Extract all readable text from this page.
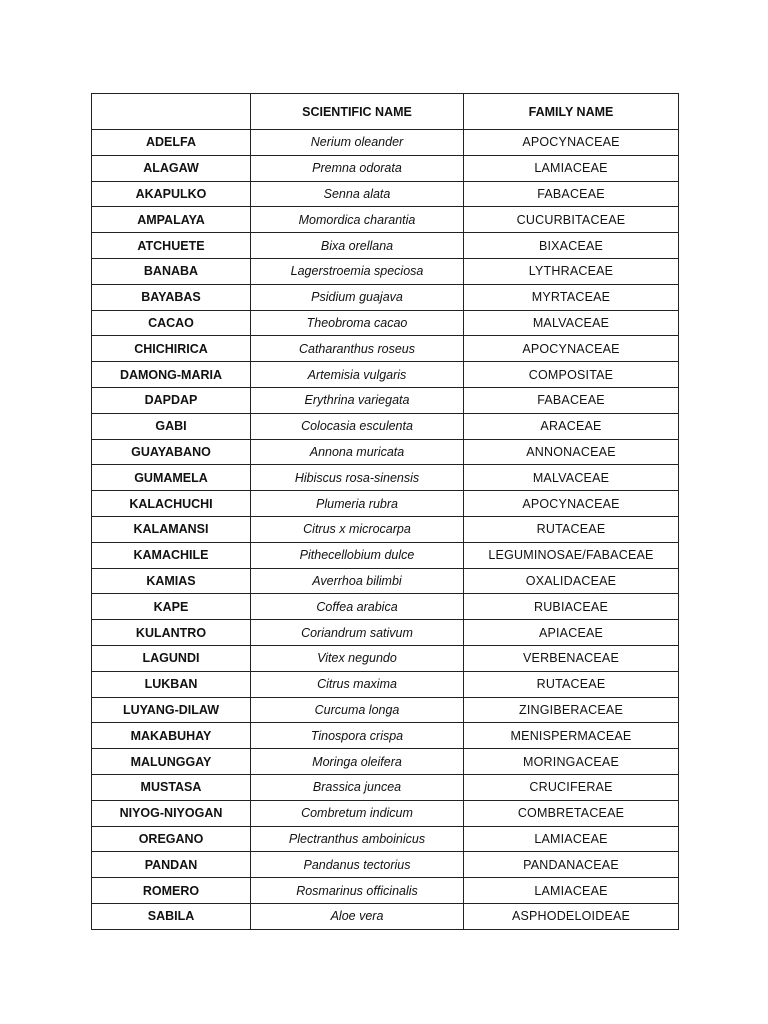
	SCIENTIFIC NAME	FAMILY NAME
ADELFA	Nerium oleander	APOCYNACEAE
ALAGAW	Premna odorata	LAMIACEAE
AKAPULKO	Senna alata	FABACEAE
AMPALAYA	Momordica charantia	CUCURBITACEAE
ATCHUETE	Bixa orellana	BIXACEAE
BANABA	Lagerstroemia speciosa	LYTHRACEAE
BAYABAS	Psidium guajava	MYRTACEAE
CACAO	Theobroma cacao	MALVACEAE
CHICHIRICA	Catharanthus roseus	APOCYNACEAE
DAMONG-MARIA	Artemisia vulgaris	COMPOSITAE
DAPDAP	Erythrina variegata	FABACEAE
GABI	Colocasia esculenta	ARACEAE
GUAYABANO	Annona muricata	ANNONACEAE
GUMAMELA	Hibiscus rosa-sinensis	MALVACEAE
KALACHUCHI	Plumeria rubra	APOCYNACEAE
KALAMANSI	Citrus x microcarpa	RUTACEAE
KAMACHILE	Pithecellobium dulce	LEGUMINOSAE/FABACEAE
KAMIAS	Averrhoa bilimbi	OXALIDACEAE
KAPE	Coffea arabica	RUBIACEAE
KULANTRO	Coriandrum sativum	APIACEAE
LAGUNDI	Vitex negundo	VERBENACEAE
LUKBAN	Citrus maxima	RUTACEAE
LUYANG-DILAW	Curcuma longa	ZINGIBERACEAE
MAKABUHAY	Tinospora crispa	MENISPERMACEAE
MALUNGGAY	Moringa oleifera	MORINGACEAE
MUSTASA	Brassica juncea	CRUCIFERAE
NIYOG-NIYOGAN	Combretum indicum	COMBRETACEAE
OREGANO	Plectranthus amboinicus	LAMIACEAE
PANDAN	Pandanus tectorius	PANDANACEAE
ROMERO	Rosmarinus officinalis	LAMIACEAE
SABILA	Aloe vera	ASPHODELOIDEAE
